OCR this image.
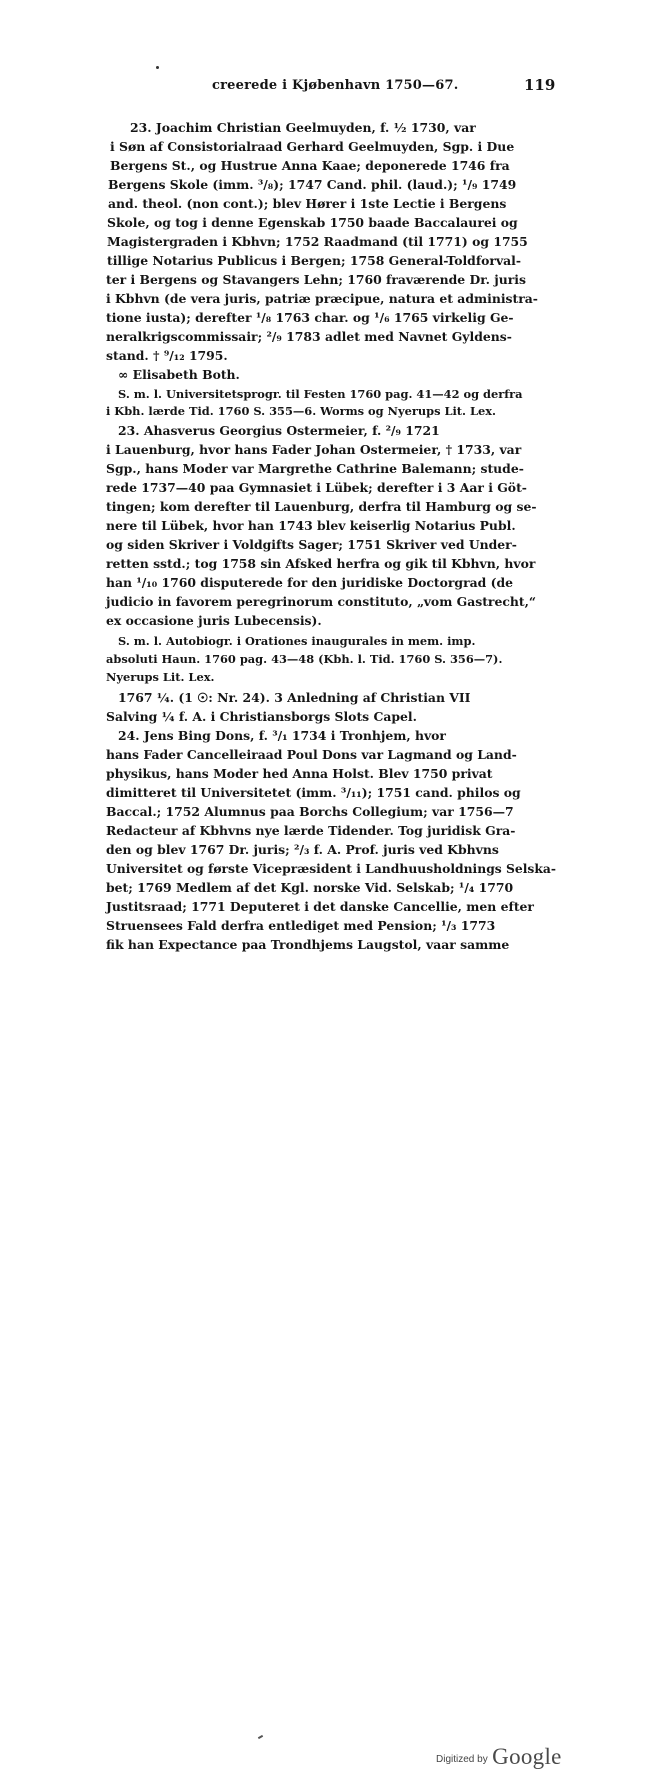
creerede i Kjøbenhavn 1750—67.	119
23. Joachim Christian Geelmuyden, f. ½ 1730, var
i Søn af Consistorialraad Gerhard Geelmuyden, Sgp. i Due
Bergens St., og Hustrue Anna Kaae; deponerede 1746 fra
Bergens Skole (imm. ³/₈); 1747 Cand. phil. (laud.); ¹/₉ 1749
and. theol. (non cont.); blev Hører i 1ste Lectie i Bergens
Skole, og tog i denne Egenskab 1750 baade Baccalaurei og
Magistergraden i Kbhvn; 1752 Raadmand (til 1771) og 1755
tillige Notarius Publicus i Bergen; 1758 General-Toldforval-
ter i Bergens og Stavangers Lehn; 1760 fraværende Dr. juris
i Kbhvn (de vera juris, patriæ præcipue, natura et administra-
tione iusta); derefter ¹/₈ 1763 char. og ¹/₆ 1765 virkelig Ge-
neralkrigscommissair; ²/₉ 1783 adlet med Navnet Gyldens-
stand. † ⁹/₁₂ 1795.
∞ Elisabeth Both.
S. m. l. Universitetsprogr. til Festen 1760 pag. 41—42 og derfra
i Kbh. lærde Tid. 1760 S. 355—6. Worms og Nyerups Lit. Lex.
23. Ahasverus Georgius Ostermeier, f. ²/₉ 1721
i Lauenburg, hvor hans Fader Johan Ostermeier, † 1733, var
Sgp., hans Moder var Margrethe Cathrine Balemann; stude-
rede 1737—40 paa Gymnasiet i Lübek; derefter i 3 Aar i Göt-
tingen; kom derefter til Lauenburg, derfra til Hamburg og se-
nere til Lübek, hvor han 1743 blev keiserlig Notarius Publ.
og siden Skriver i Voldgifts Sager; 1751 Skriver ved Under-
retten sstd.; tog 1758 sin Afsked herfra og gik til Kbhvn, hvor
han ¹/₁₀ 1760 disputerede for den juridiske Doctorgrad (de
judicio in favorem peregrinorum constituto, „vom Gastrecht,“
ex occasione juris Lubecensis).
S. m. l. Autobiogr. i Orationes inaugurales in mem. imp.
absoluti Haun. 1760 pag. 43—48 (Kbh. l. Tid. 1760 S. 356—7).
Nyerups Lit. Lex.
1767 ¼. (1 ☉: Nr. 24). 3 Anledning af Christian VII
Salving ¼ f. A. i Christiansborgs Slots Capel.
24. Jens Bing Dons, f. ³/₁ 1734 i Tronhjem, hvor
hans Fader Cancelleiraad Poul Dons var Lagmand og Land-
physikus, hans Moder hed Anna Holst. Blev 1750 privat
dimitteret til Universitetet (imm. ³/₁₁); 1751 cand. philos og
Baccal.; 1752 Alumnus paa Borchs Collegium; var 1756—7
Redacteur af Kbhvns nye lærde Tidender. Tog juridisk Gra-
den og blev 1767 Dr. juris; ²/₃ f. A. Prof. juris ved Kbhvns
Universitet og første Vicepræsident i Landhuusholdnings Selska-
bet; 1769 Medlem af det Kgl. norske Vid. Selskab; ¹/₄ 1770
Justitsraad; 1771 Deputeret i det danske Cancellie, men efter
Struensees Fald derfra entlediget med Pension; ¹/₃ 1773
fik han Expectance paa Trondhjems Laugstol, vaar samme
Digitized by Google
